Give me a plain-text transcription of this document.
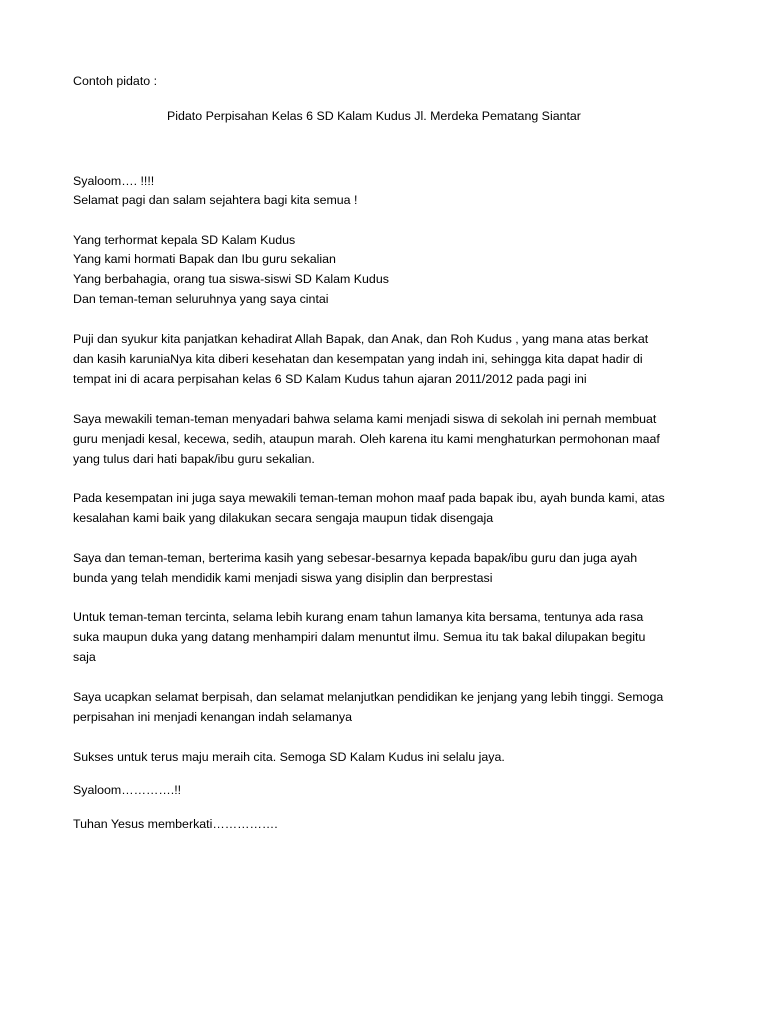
Contoh pidato :
Pidato Perpisahan Kelas 6 SD Kalam Kudus Jl. Merdeka Pematang Siantar
Syaloom…. !!!!
Selamat pagi dan salam sejahtera bagi kita semua !
Yang terhormat kepala SD Kalam Kudus
Yang kami hormati Bapak dan Ibu guru sekalian
Yang berbahagia, orang tua siswa-siswi SD Kalam Kudus
Dan teman-teman seluruhnya yang saya cintai
Puji dan syukur kita panjatkan kehadirat Allah Bapak, dan Anak, dan Roh Kudus , yang mana atas berkat
dan kasih karuniaNya kita diberi kesehatan dan kesempatan yang indah ini, sehingga kita dapat hadir di
tempat ini di acara perpisahan kelas 6 SD Kalam Kudus tahun ajaran 2011/2012 pada pagi ini
Saya mewakili teman-teman menyadari bahwa selama kami menjadi siswa di sekolah ini pernah membuat
guru menjadi kesal, kecewa, sedih, ataupun marah. Oleh karena itu kami menghaturkan permohonan maaf
yang tulus dari hati bapak/ibu guru sekalian.
Pada kesempatan ini juga saya mewakili teman-teman mohon maaf pada bapak ibu, ayah bunda kami, atas
kesalahan kami baik yang dilakukan secara sengaja maupun tidak disengaja
Saya dan teman-teman, berterima kasih yang sebesar-besarnya kepada bapak/ibu guru dan juga ayah
bunda yang telah mendidik kami menjadi siswa yang disiplin dan berprestasi
Untuk teman-teman tercinta, selama lebih kurang enam tahun lamanya kita bersama, tentunya ada rasa
suka maupun duka yang datang menhampiri dalam menuntut ilmu. Semua itu tak bakal dilupakan begitu
saja
Saya ucapkan selamat berpisah, dan selamat melanjutkan pendidikan ke jenjang yang lebih tinggi. Semoga
perpisahan ini menjadi kenangan indah selamanya
Sukses untuk terus maju meraih cita. Semoga SD Kalam Kudus ini selalu jaya.
Syaloom………….!!
Tuhan Yesus memberkati…………….
